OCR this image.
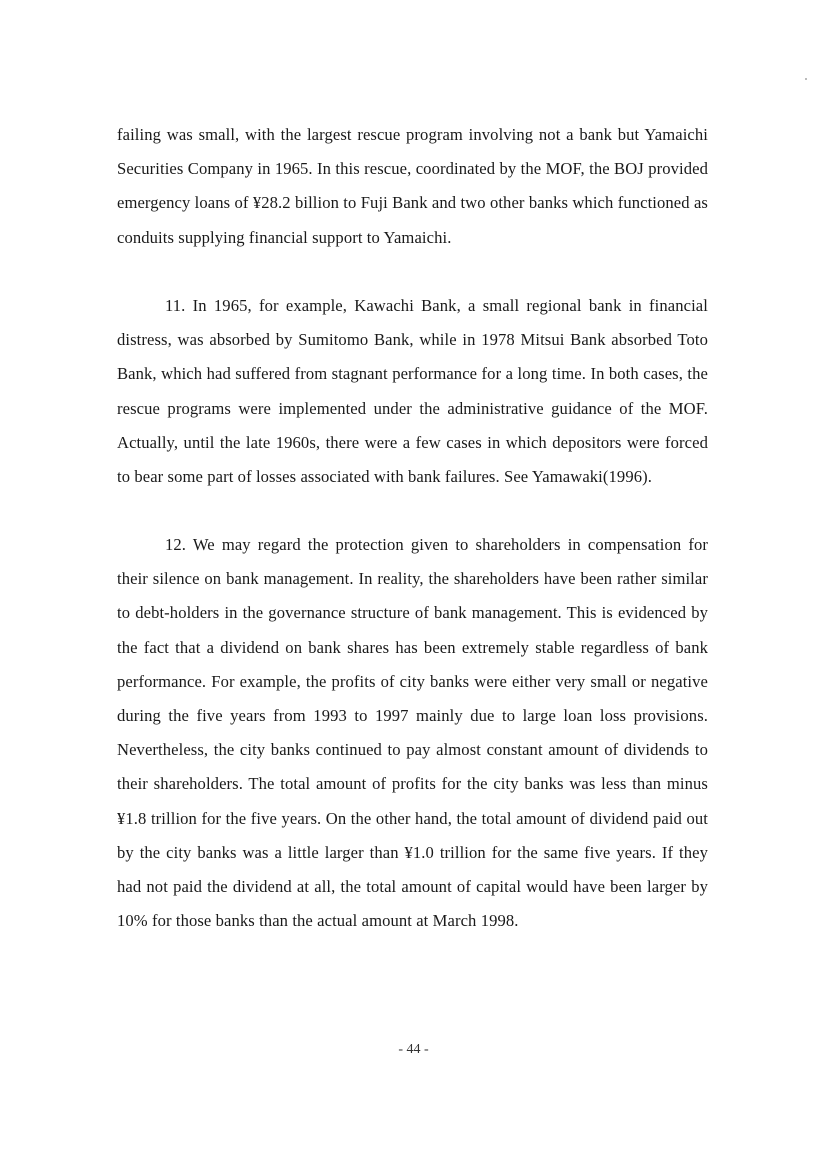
failing was small, with the largest rescue program involving not a bank but Yamaichi Securities Company in 1965. In this rescue, coordinated by the MOF, the BOJ provided emergency loans of ¥28.2 billion to Fuji Bank and two other banks which functioned as conduits supplying financial support to Yamaichi.

11. In 1965, for example, Kawachi Bank, a small regional bank in financial distress, was absorbed by Sumitomo Bank, while in 1978 Mitsui Bank absorbed Toto Bank, which had suffered from stagnant performance for a long time. In both cases, the rescue programs were implemented under the administrative guidance of the MOF. Actually, until the late 1960s, there were a few cases in which depositors were forced to bear some part of losses associated with bank failures. See Yamawaki(1996).

12. We may regard the protection given to shareholders in compensation for their silence on bank management. In reality, the shareholders have been rather similar to debt-holders in the governance structure of bank management. This is evidenced by the fact that a dividend on bank shares has been extremely stable regardless of bank performance. For example, the profits of city banks were either very small or negative during the five years from 1993 to 1997 mainly due to large loan loss provisions. Nevertheless, the city banks continued to pay almost constant amount of dividends to their shareholders. The total amount of profits for the city banks was less than minus ¥1.8 trillion for the five years. On the other hand, the total amount of dividend paid out by the city banks was a little larger than ¥1.0 trillion for the same five years. If they had not paid the dividend at all, the total amount of capital would have been larger by 10% for those banks than the actual amount at March 1998.

- 44 -
